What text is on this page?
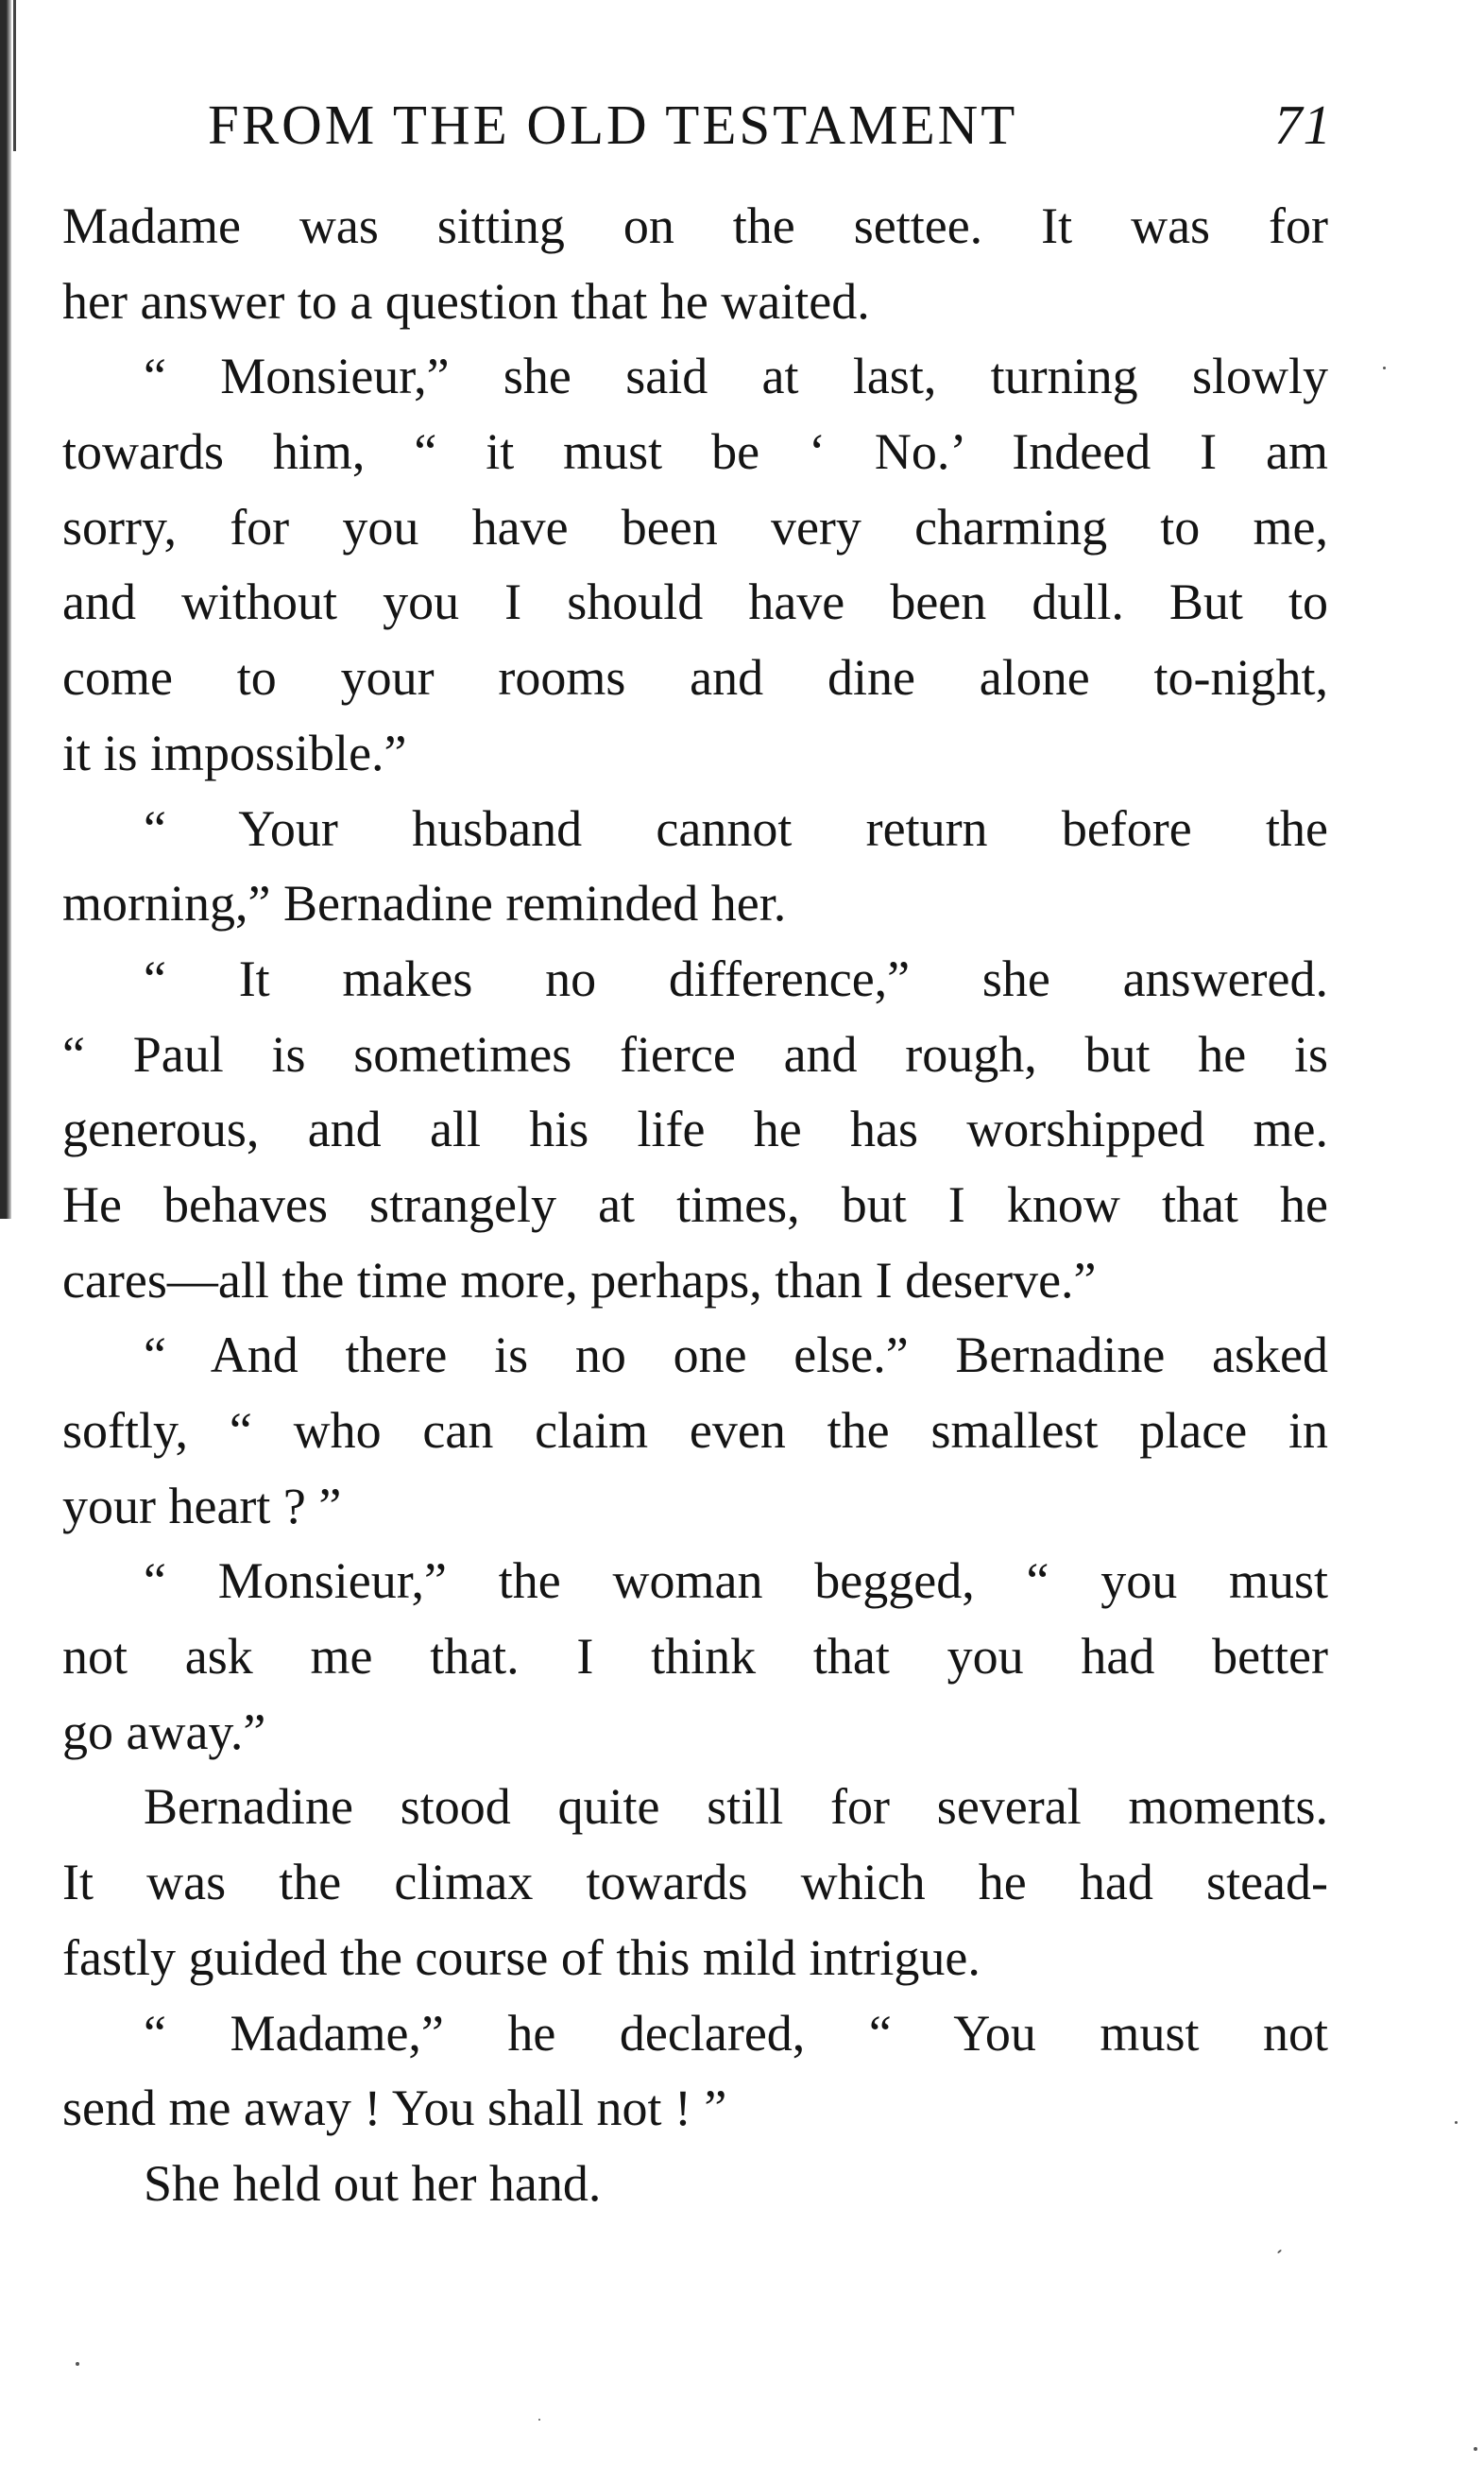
FROM THE OLD TESTAMENT	71
Madame was sitting on the settee. It was for
her answer to a question that he waited.
“ Monsieur,” she said at last, turning slowly
towards him, “ it must be ‘ No.’ Indeed I am
sorry, for you have been very charming to me,
and without you I should have been dull. But to
come to your rooms and dine alone to-night,
it is impossible.”
“ Your husband cannot return before the
morning,” Bernadine reminded her.
“ It makes no difference,” she answered.
“ Paul is sometimes fierce and rough, but he is
generous, and all his life he has worshipped me.
He behaves strangely at times, but I know that he
cares—all the time more, perhaps, than I deserve.”
“ And there is no one else.” Bernadine asked
softly, “ who can claim even the smallest place in
your heart ? ”
“ Monsieur,” the woman begged, “ you must
not ask me that. I think that you had better
go away.”
Bernadine stood quite still for several moments.
It was the climax towards which he had stead-
fastly guided the course of this mild intrigue.
“ Madame,” he declared, “ You must not
send me away ! You shall not ! ”
She held out her hand.
